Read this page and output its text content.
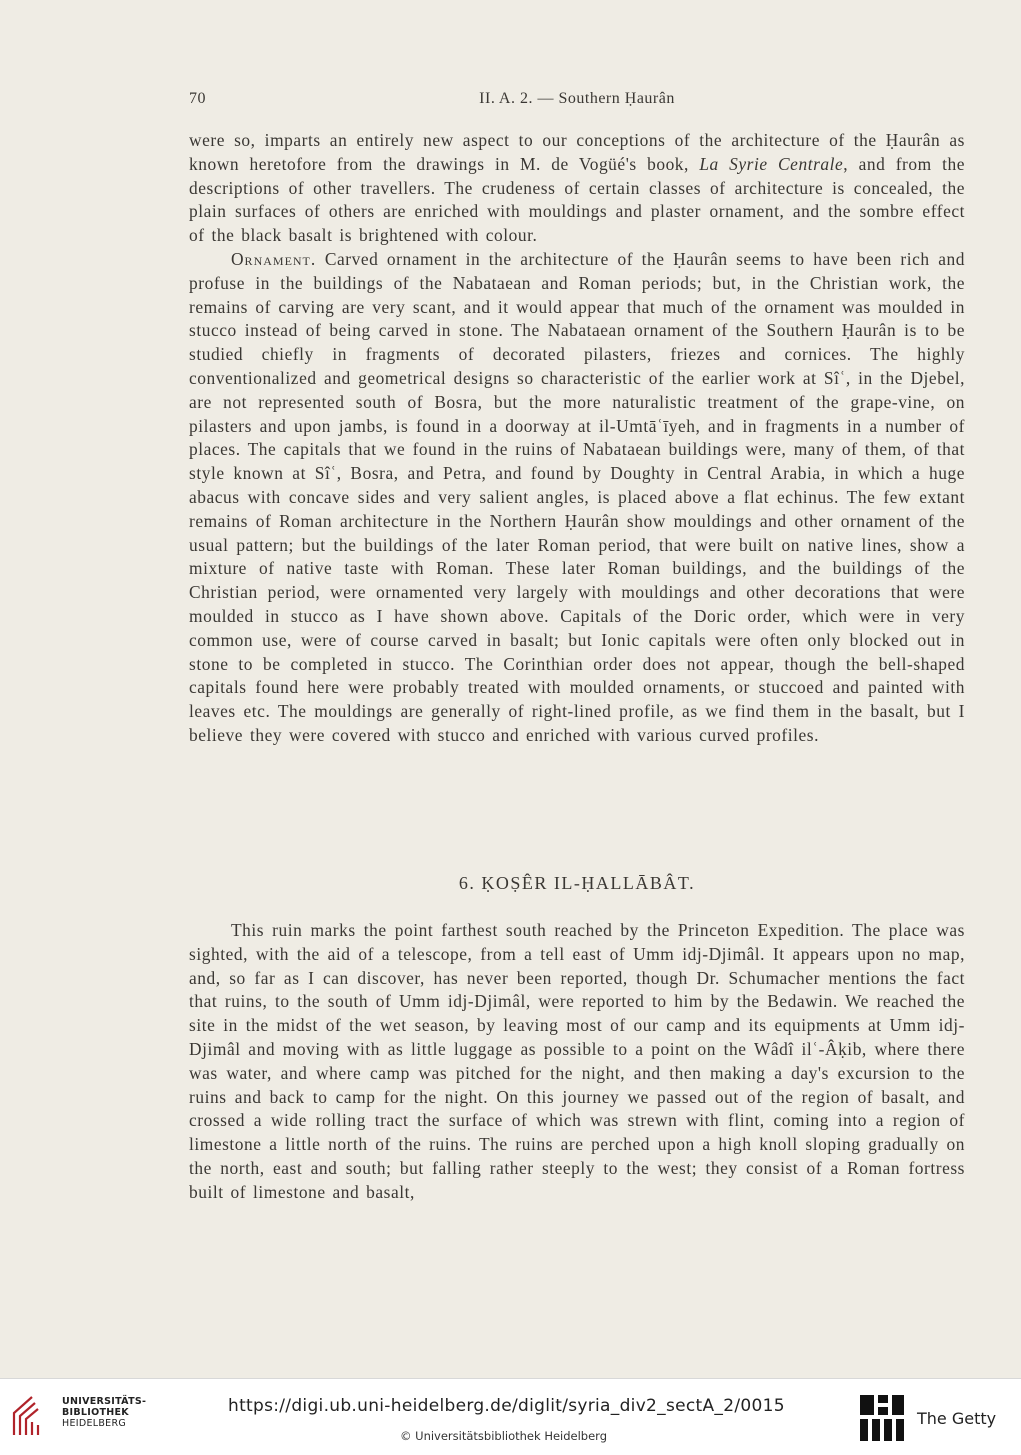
70	II. A. 2. — Southern Ḥaurân

were so, imparts an entirely new aspect to our conceptions of the architecture of the Ḥaurân as known heretofore from the drawings in M. de Vogüé's book, La Syrie Centrale, and from the descriptions of other travellers. The crudeness of certain classes of architecture is concealed, the plain surfaces of others are enriched with mouldings and plaster ornament, and the sombre effect of the black basalt is brightened with colour.

Ornament. Carved ornament in the architecture of the Ḥaurân seems to have been rich and profuse in the buildings of the Nabataean and Roman periods; but, in the Christian work, the remains of carving are very scant, and it would appear that much of the ornament was moulded in stucco instead of being carved in stone. The Nabataean ornament of the Southern Ḥaurân is to be studied chiefly in fragments of decorated pilasters, friezes and cornices. The highly conventionalized and geometrical designs so characteristic of the earlier work at Sîʿ, in the Djebel, are not represented south of Bosra, but the more naturalistic treatment of the grape-vine, on pilasters and upon jambs, is found in a doorway at il-Umtāʿīyeh, and in fragments in a number of places. The capitals that we found in the ruins of Nabataean buildings were, many of them, of that style known at Sîʿ, Bosra, and Petra, and found by Doughty in Central Arabia, in which a huge abacus with concave sides and very salient angles, is placed above a flat echinus. The few extant remains of Roman architecture in the Northern Ḥaurân show mouldings and other ornament of the usual pattern; but the buildings of the later Roman period, that were built on native lines, show a mixture of native taste with Roman. These later Roman buildings, and the buildings of the Christian period, were ornamented very largely with mouldings and other decorations that were moulded in stucco as I have shown above. Capitals of the Doric order, which were in very common use, were of course carved in basalt; but Ionic capitals were often only blocked out in stone to be completed in stucco. The Corinthian order does not appear, though the bell-shaped capitals found here were probably treated with moulded ornaments, or stuccoed and painted with leaves etc. The mouldings are generally of right-lined profile, as we find them in the basalt, but I believe they were covered with stucco and enriched with various curved profiles.

6. ḲOṢÊR IL-ḤALLĀBÂT.

This ruin marks the point farthest south reached by the Princeton Expedition. The place was sighted, with the aid of a telescope, from a tell east of Umm idj-Djimâl. It appears upon no map, and, so far as I can discover, has never been reported, though Dr. Schumacher mentions the fact that ruins, to the south of Umm idj-Djimâl, were reported to him by the Bedawin. We reached the site in the midst of the wet season, by leaving most of our camp and its equipments at Umm idj-Djimâl and moving with as little luggage as possible to a point on the Wâdî ilʿ-Âḳib, where there was water, and where camp was pitched for the night, and then making a day's excursion to the ruins and back to camp for the night. On this journey we passed out of the region of basalt, and crossed a wide rolling tract the surface of which was strewn with flint, coming into a region of limestone a little north of the ruins. The ruins are perched upon a high knoll sloping gradually on the north, east and south; but falling rather steeply to the west; they consist of a Roman fortress built of limestone and basalt,

UNIVERSITÄTS-
BIBLIOTHEK
HEIDELBERG
https://digi.ub.uni-heidelberg.de/diglit/syria_div2_sectA_2/0015
© Universitätsbibliothek Heidelberg
The Getty
